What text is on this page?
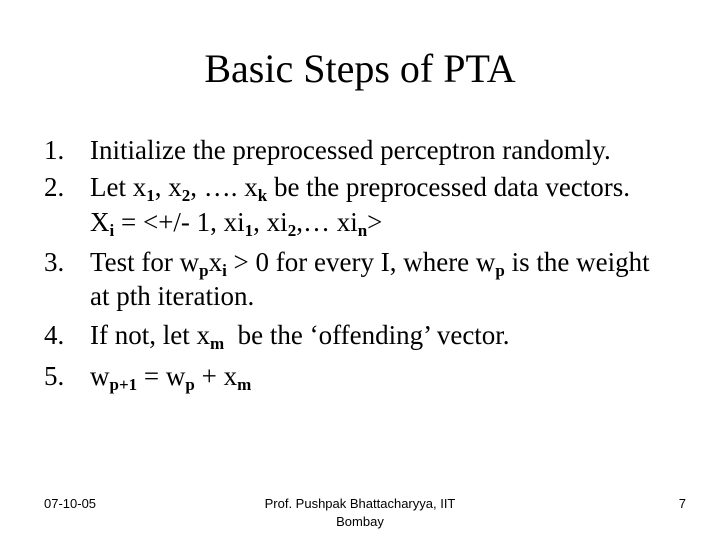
Basic Steps of PTA
1. Initialize the preprocessed perceptron randomly.
2. Let $x_1$, $x_2$, …. $x_k$ be the preprocessed data vectors.
$X_i$ = <+/- 1, $xi_1$, $xi_2,\dots$ $xi_n>$
3. Test for $w_px_i > 0$ for every I, where $w_p$ is the weight
at pth iteration.
4. If not, let $x_m$  be the ‘offending’ vector.
5. $w_{p+1} = w_p + x_m$
07-10-05	Prof. Pushpak Bhattacharyya, IIT Bombay
7
